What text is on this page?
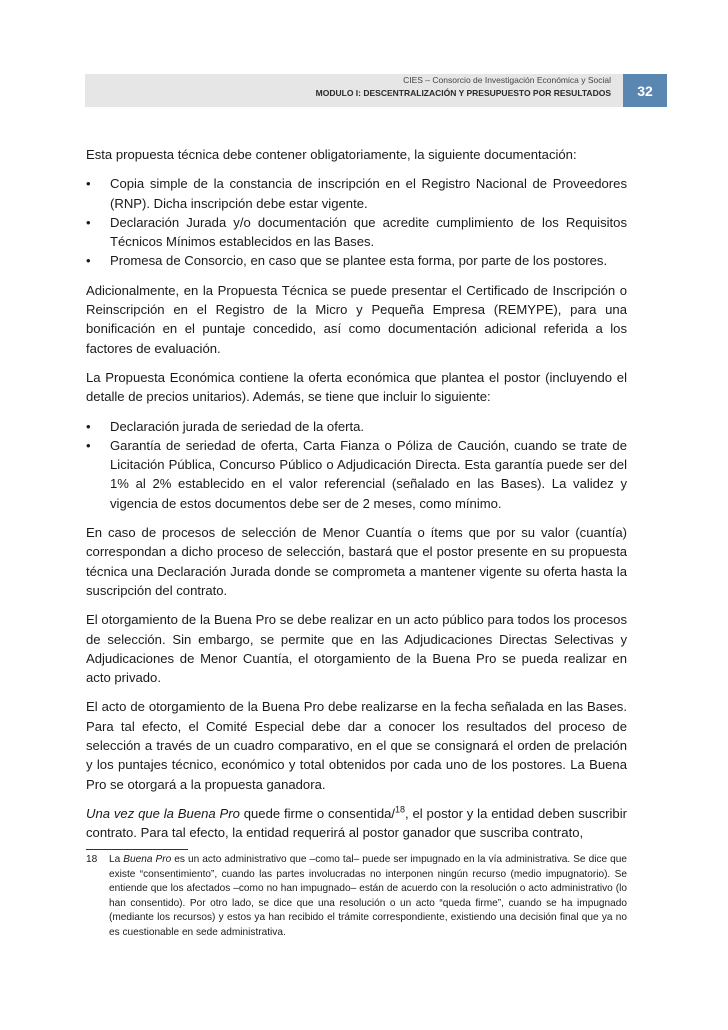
CIES – Consorcio de Investigación Económica y Social
MODULO I: DESCENTRALIZACIÓN Y PRESUPUESTO POR RESULTADOS	32

Esta propuesta técnica debe contener obligatoriamente, la siguiente documentación:

• Copia simple de la constancia de inscripción en el Registro Nacional de Proveedores (RNP). Dicha inscripción debe estar vigente.
• Declaración Jurada y/o documentación que acredite cumplimiento de los Requisitos Técnicos Mínimos establecidos en las Bases.
• Promesa de Consorcio, en caso que se plantee esta forma, por parte de los postores.

Adicionalmente, en la Propuesta Técnica se puede presentar el Certificado de Inscripción o Reinscripción en el Registro de la Micro y Pequeña Empresa (REMYPE), para una bonificación en el puntaje concedido, así como documentación adicional referida a los factores de evaluación.

La Propuesta Económica contiene la oferta económica que plantea el postor (incluyendo el detalle de precios unitarios). Además, se tiene que incluir lo siguiente:

• Declaración jurada de seriedad de la oferta.
• Garantía de seriedad de oferta, Carta Fianza o Póliza de Caución, cuando se trate de Licitación Pública, Concurso Público o Adjudicación Directa. Esta garantía puede ser del 1% al 2% establecido en el valor referencial (señalado en las Bases). La validez y vigencia de estos documentos debe ser de 2 meses, como mínimo.

En caso de procesos de selección de Menor Cuantía o ítems que por su valor (cuantía) correspondan a dicho proceso de selección, bastará que el postor presente en su propuesta técnica una Declaración Jurada donde se comprometa a mantener vigente su oferta hasta la suscripción del contrato.

El otorgamiento de la Buena Pro se debe realizar en un acto público para todos los procesos de selección. Sin embargo, se permite que en las Adjudicaciones Directas Selectivas y Adjudicaciones de Menor Cuantía, el otorgamiento de la Buena Pro se pueda realizar en acto privado.

El acto de otorgamiento de la Buena Pro debe realizarse en la fecha señalada en las Bases. Para tal efecto, el Comité Especial debe dar a conocer los resultados del proceso de selección a través de un cuadro comparativo, en el que se consignará el orden de prelación y los puntajes técnico, económico y total obtenidos por cada uno de los postores. La Buena Pro se otorgará a la propuesta ganadora.

Una vez que la Buena Pro quede firme o consentida/$^{18}$, el postor y la entidad deben suscribir contrato. Para tal efecto, la entidad requerirá al postor ganador que suscriba contrato,

18 La Buena Pro es un acto administrativo que –como tal– puede ser impugnado en la vía administrativa. Se dice que existe “consentimiento”, cuando las partes involucradas no interponen ningún recurso (medio impugnatorio). Se entiende que los afectados –como no han impugnado– están de acuerdo con la resolución o acto administrativo (lo han consentido). Por otro lado, se dice que una resolución o un acto “queda firme”, cuando se ha impugnado (mediante los recursos) y estos ya han recibido el trámite correspondiente, existiendo una decisión final que ya no es cuestionable en sede administrativa.
